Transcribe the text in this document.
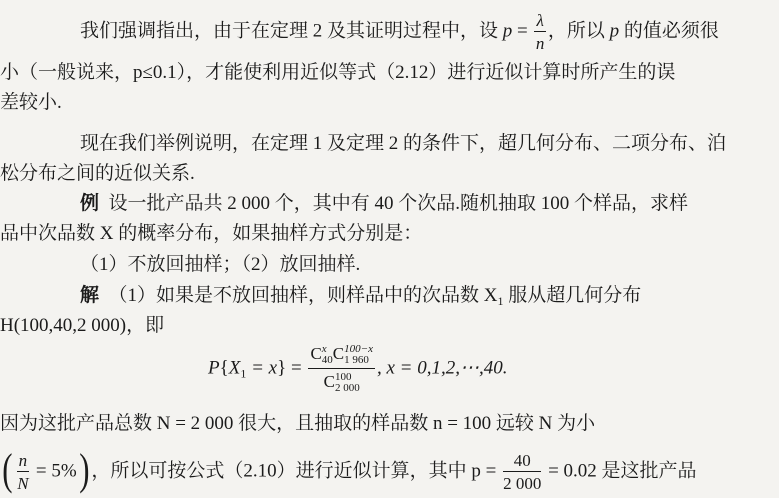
我们强调指出，由于在定理 2 及其证明过程中，设 $p = \frac{\lambda}{n}$ ，所以 p 的值必须很
小（一般说来，p≤0.1），才能使利用近似等式（2.12）进行近似计算时所产生的误
差较小.
现在我们举例说明，在定理 1 及定理 2 的条件下，超几何分布、二项分布、泊
松分布之间的近似关系.
例 设一批产品共 2 000 个，其中有 40 个次品.随机抽取 100 个样品，求样
品中次品数 X 的概率分布，如果抽样方式分别是：
（1）不放回抽样；（2）放回抽样.
解 （1）如果是不放回抽样，则样品中的次品数 $X_1$ 服从超几何分布
H(100,40,2 000)，即
$P\{X_1 = x\} = C$ x
40 C 100−x
1 960
C 100
2 000 , x = 0,1,2,⋯,40.
因为这批产品总数 N = 2 000 很大，且抽取的样品数 n = 100 远较 N 为小
( $\frac{n}{N} = 5\%$) ，所以可按公式（2.10）进行近似计算，其中 $p = \frac{40}{2 000} = 0.02$ 是这批产品
